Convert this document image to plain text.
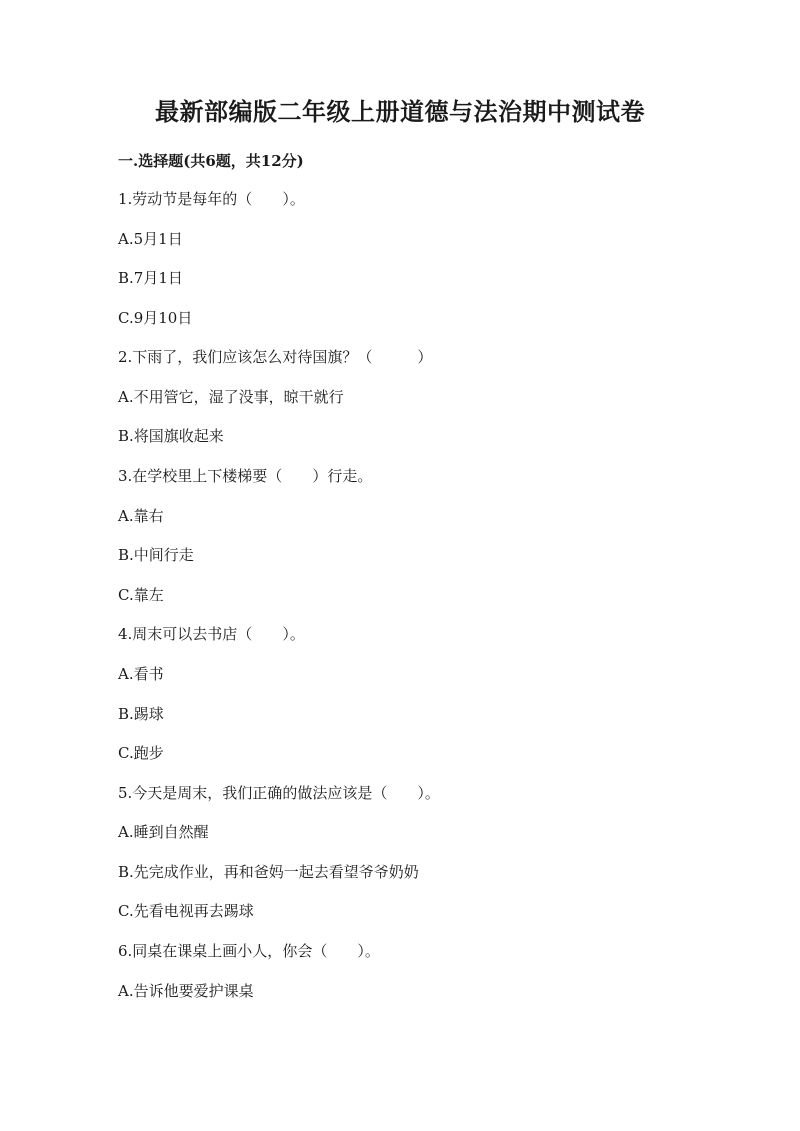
最新部编版二年级上册道德与法治期中测试卷
一.选择题(共6题，共12分)
1.劳动节是每年的（　　）。
A.5月1日
B.7月1日
C.9月10日
2.下雨了，我们应该怎么对待国旗？（　　　）
A.不用管它，湿了没事，晾干就行
B.将国旗收起来
3.在学校里上下楼梯要（　　）行走。
A.靠右
B.中间行走
C.靠左
4.周末可以去书店（　　）。
A.看书
B.踢球
C.跑步
5.今天是周末，我们正确的做法应该是（　　）。
A.睡到自然醒
B.先完成作业，再和爸妈一起去看望爷爷奶奶
C.先看电视再去踢球
6.同桌在课桌上画小人，你会（　　）。
A.告诉他要爱护课桌
